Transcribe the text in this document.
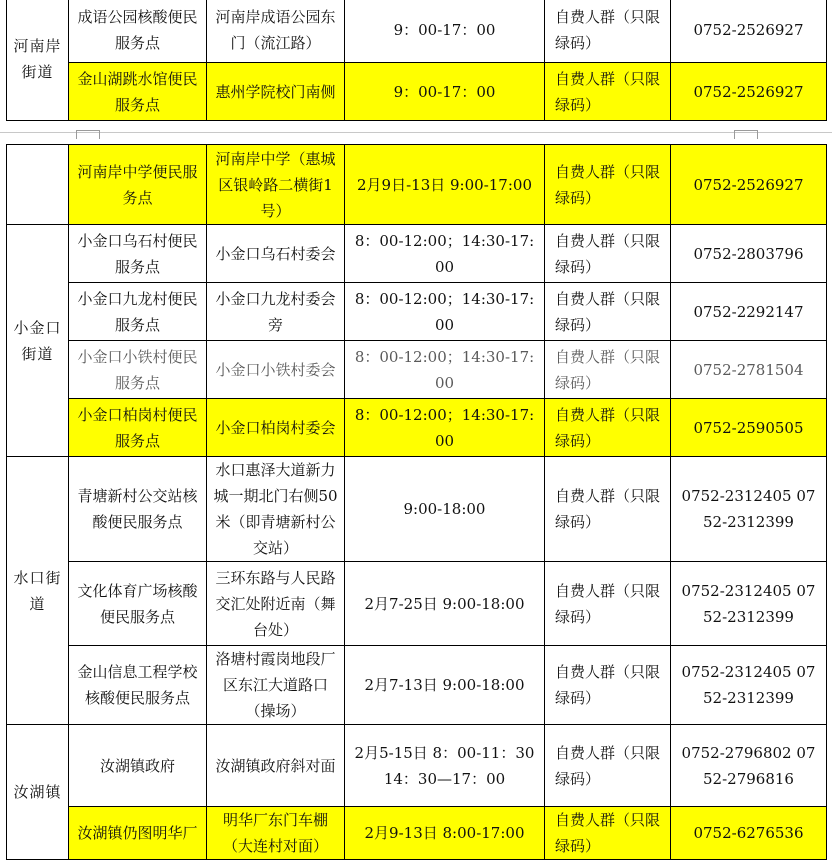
河南岸街道	成语公园核酸便民服务点	河南岸成语公园东门（流江路）	9：00-17：00	自费人群（只限绿码）	0752-2526927
	金山湖跳水馆便民服务点	惠州学院校门南侧	9：00-17：00	自费人群（只限绿码）	0752-2526927
	河南岸中学便民服务点	河南岸中学（惠城区银岭路二横街1号）	2月9日-13日 9:00-17:00	自费人群（只限绿码）	0752-2526927
小金口街道	小金口乌石村便民服务点	小金口乌石村委会	8：00-12:00；14:30-17:00	自费人群（只限绿码）	0752-2803796
	小金口九龙村便民服务点	小金口九龙村委会旁	8：00-12:00；14:30-17:00	自费人群（只限绿码）	0752-2292147
	小金口小铁村便民服务点	小金口小铁村委会	8：00-12:00；14:30-17:00	自费人群（只限绿码）	0752-2781504
	小金口柏岗村便民服务点	小金口柏岗村委会	8：00-12:00；14:30-17:00	自费人群（只限绿码）	0752-2590505
水口街道	青塘新村公交站核酸便民服务点	水口惠泽大道新力城一期北门右侧50米（即青塘新村公交站）	9:00-18:00	自费人群（只限绿码）	0752-2312405 0752-2312399
	文化体育广场核酸便民服务点	三环东路与人民路交汇处附近南（舞台处）	2月7-25日 9:00-18:00	自费人群（只限绿码）	0752-2312405 0752-2312399
	金山信息工程学校核酸便民服务点	洛塘村霞岗地段厂区东江大道路口（操场）	2月7-13日 9:00-18:00	自费人群（只限绿码）	0752-2312405 0752-2312399
汝湖镇	汝湖镇政府	汝湖镇政府斜对面	2月5-15日 8：00-11：30 14：30—17：00	自费人群（只限绿码）	0752-2796802 0752-2796816
	汝湖镇仍图明华厂	明华厂东门车棚（大连村对面）	2月9-13日 8:00-17:00	自费人群（只限绿码）	0752-6276536
